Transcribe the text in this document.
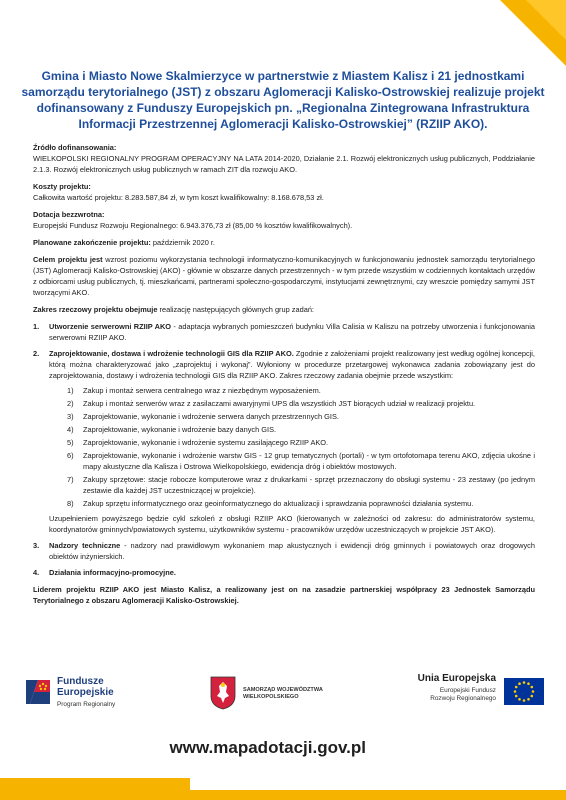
Gmina i Miasto Nowe Skalmierzyce w partnerstwie z Miastem Kalisz i 21 jednostkami samorządu terytorialnego (JST) z obszaru Aglomeracji Kalisko-Ostrowskiej realizuje projekt dofinansowany z Funduszy Europejskich pn. „Regionalna Zintegrowana Infrastruktura Informacji Przestrzennej Aglomeracji Kalisko-Ostrowskiej” (RZIIP AKO).

Źródło dofinansowania:

WIELKOPOLSKI REGIONALNY PROGRAM OPERACYJNY NA LATA 2014-2020, Działanie 2.1. Rozwój elektronicznych usług publicznych, Poddziałanie 2.1.3. Rozwój elektronicznych usług publicznych w ramach ZIT dla rozwoju AKO.

Koszty projektu:

Całkowita wartość projektu: 8.283.587,84 zł, w tym koszt kwalifikowalny: 8.168.678,53 zł.

Dotacja bezzwrotna:

Europejski Fundusz Rozwoju Regionalnego: 6.943.376,73 zł (85,00 % kosztów kwalifikowalnych).

Planowane zakończenie projektu: październik 2020 r.

Celem projektu jest wzrost poziomu wykorzystania technologii informatyczno-komunikacyjnych w funkcjonowaniu jednostek samorządu terytorialnego (JST) Aglomeracji Kalisko-Ostrowskiej (AKO) - głównie w obszarze danych przestrzennych - w tym przede wszystkim w codziennych kontaktach urzędów z odbiorcami usług publicznych, tj. mieszkańcami, partnerami społeczno-gospodarczymi, instytucjami zewnętrznymi, czy wreszcie pomiędzy samymi JST tworzącymi AKO.

Zakres rzeczowy projektu obejmuje realizację następujących głównych grup zadań:

1. Utworzenie serwerowni RZIIP AKO - adaptacja wybranych pomieszczeń budynku Villa Calisia w Kaliszu na potrzeby utworzenia i funkcjonowania serwerowni RZIIP AKO.
2. Zaprojektowanie, dostawa i wdrożenie technologii GIS dla RZIIP AKO. Zgodnie z założeniami projekt realizowany jest według ogólnej koncepcji, którą można charakteryzować jako „zaprojektuj i wykonaj”. Wyłoniony w procedurze przetargowej wykonawca zadania zobowiązany jest do zaprojektowania, dostawy i wdrożenia technologii GIS dla RZIIP AKO. Zakres rzeczowy zadania obejmie przede wszystkim:
1) Zakup i montaż serwera centralnego wraz z niezbędnym wyposażeniem.
2) Zakup i montaż serwerów wraz z zasilaczami awaryjnymi UPS dla wszystkich JST biorących udział w realizacji projektu.
3) Zaprojektowanie, wykonanie i wdrożenie serwera danych przestrzennych GIS.
4) Zaprojektowanie, wykonanie i wdrożenie bazy danych GIS.
5) Zaprojektowanie, wykonanie i wdrożenie systemu zasilającego RZIIP AKO.
6) Zaprojektowanie, wykonanie i wdrożenie warstw GIS - 12 grup tematycznych (portali) - w tym ortofotomapa terenu AKO, zdjęcia ukośne i mapy akustyczne dla Kalisza i Ostrowa Wielkopolskiego, ewidencja dróg i obiektów mostowych.
7) Zakupy sprzętowe: stacje robocze komputerowe wraz z drukarkami - sprzęt przeznaczony do obsługi systemu - 23 zestawy (po jednym zestawie dla każdej JST uczestniczącej w projekcie).
8) Zakup sprzętu informatycznego oraz geoinformatycznego do aktualizacji i sprawdzania poprawności działania systemu.
Uzupełnieniem powyższego będzie cykl szkoleń z obsługi RZIIP AKO (kierowanych w zależności od zakresu: do administratorów systemu, koordynatorów gminnych/powiatowych systemu, użytkowników systemu - pracowników urzędów uczestniczących w projekcie JST AKO).
3. Nadzory techniczne - nadzory nad prawidłowym wykonaniem map akustycznych i ewidencji dróg gminnych i powiatowych oraz drogowych obiektów inżynierskich.
4. Działania informacyjno-promocyjne.

Liderem projektu RZIIP AKO jest Miasto Kalisz, a realizowany jest on na zasadzie partnerskiej współpracy 23 Jednostek Samorządu Terytorialnego z obszaru Aglomeracji Kalisko-Ostrowskiej.

Fundusze
Europejskie
Program Regionalny
SAMORZĄD WOJEWÓDZTWA
WIELKOPOLSKIEGO
Unia Europejska
Europejski Fundusz
Rozwoju Regionalnego
www.mapadotacji.gov.pl
